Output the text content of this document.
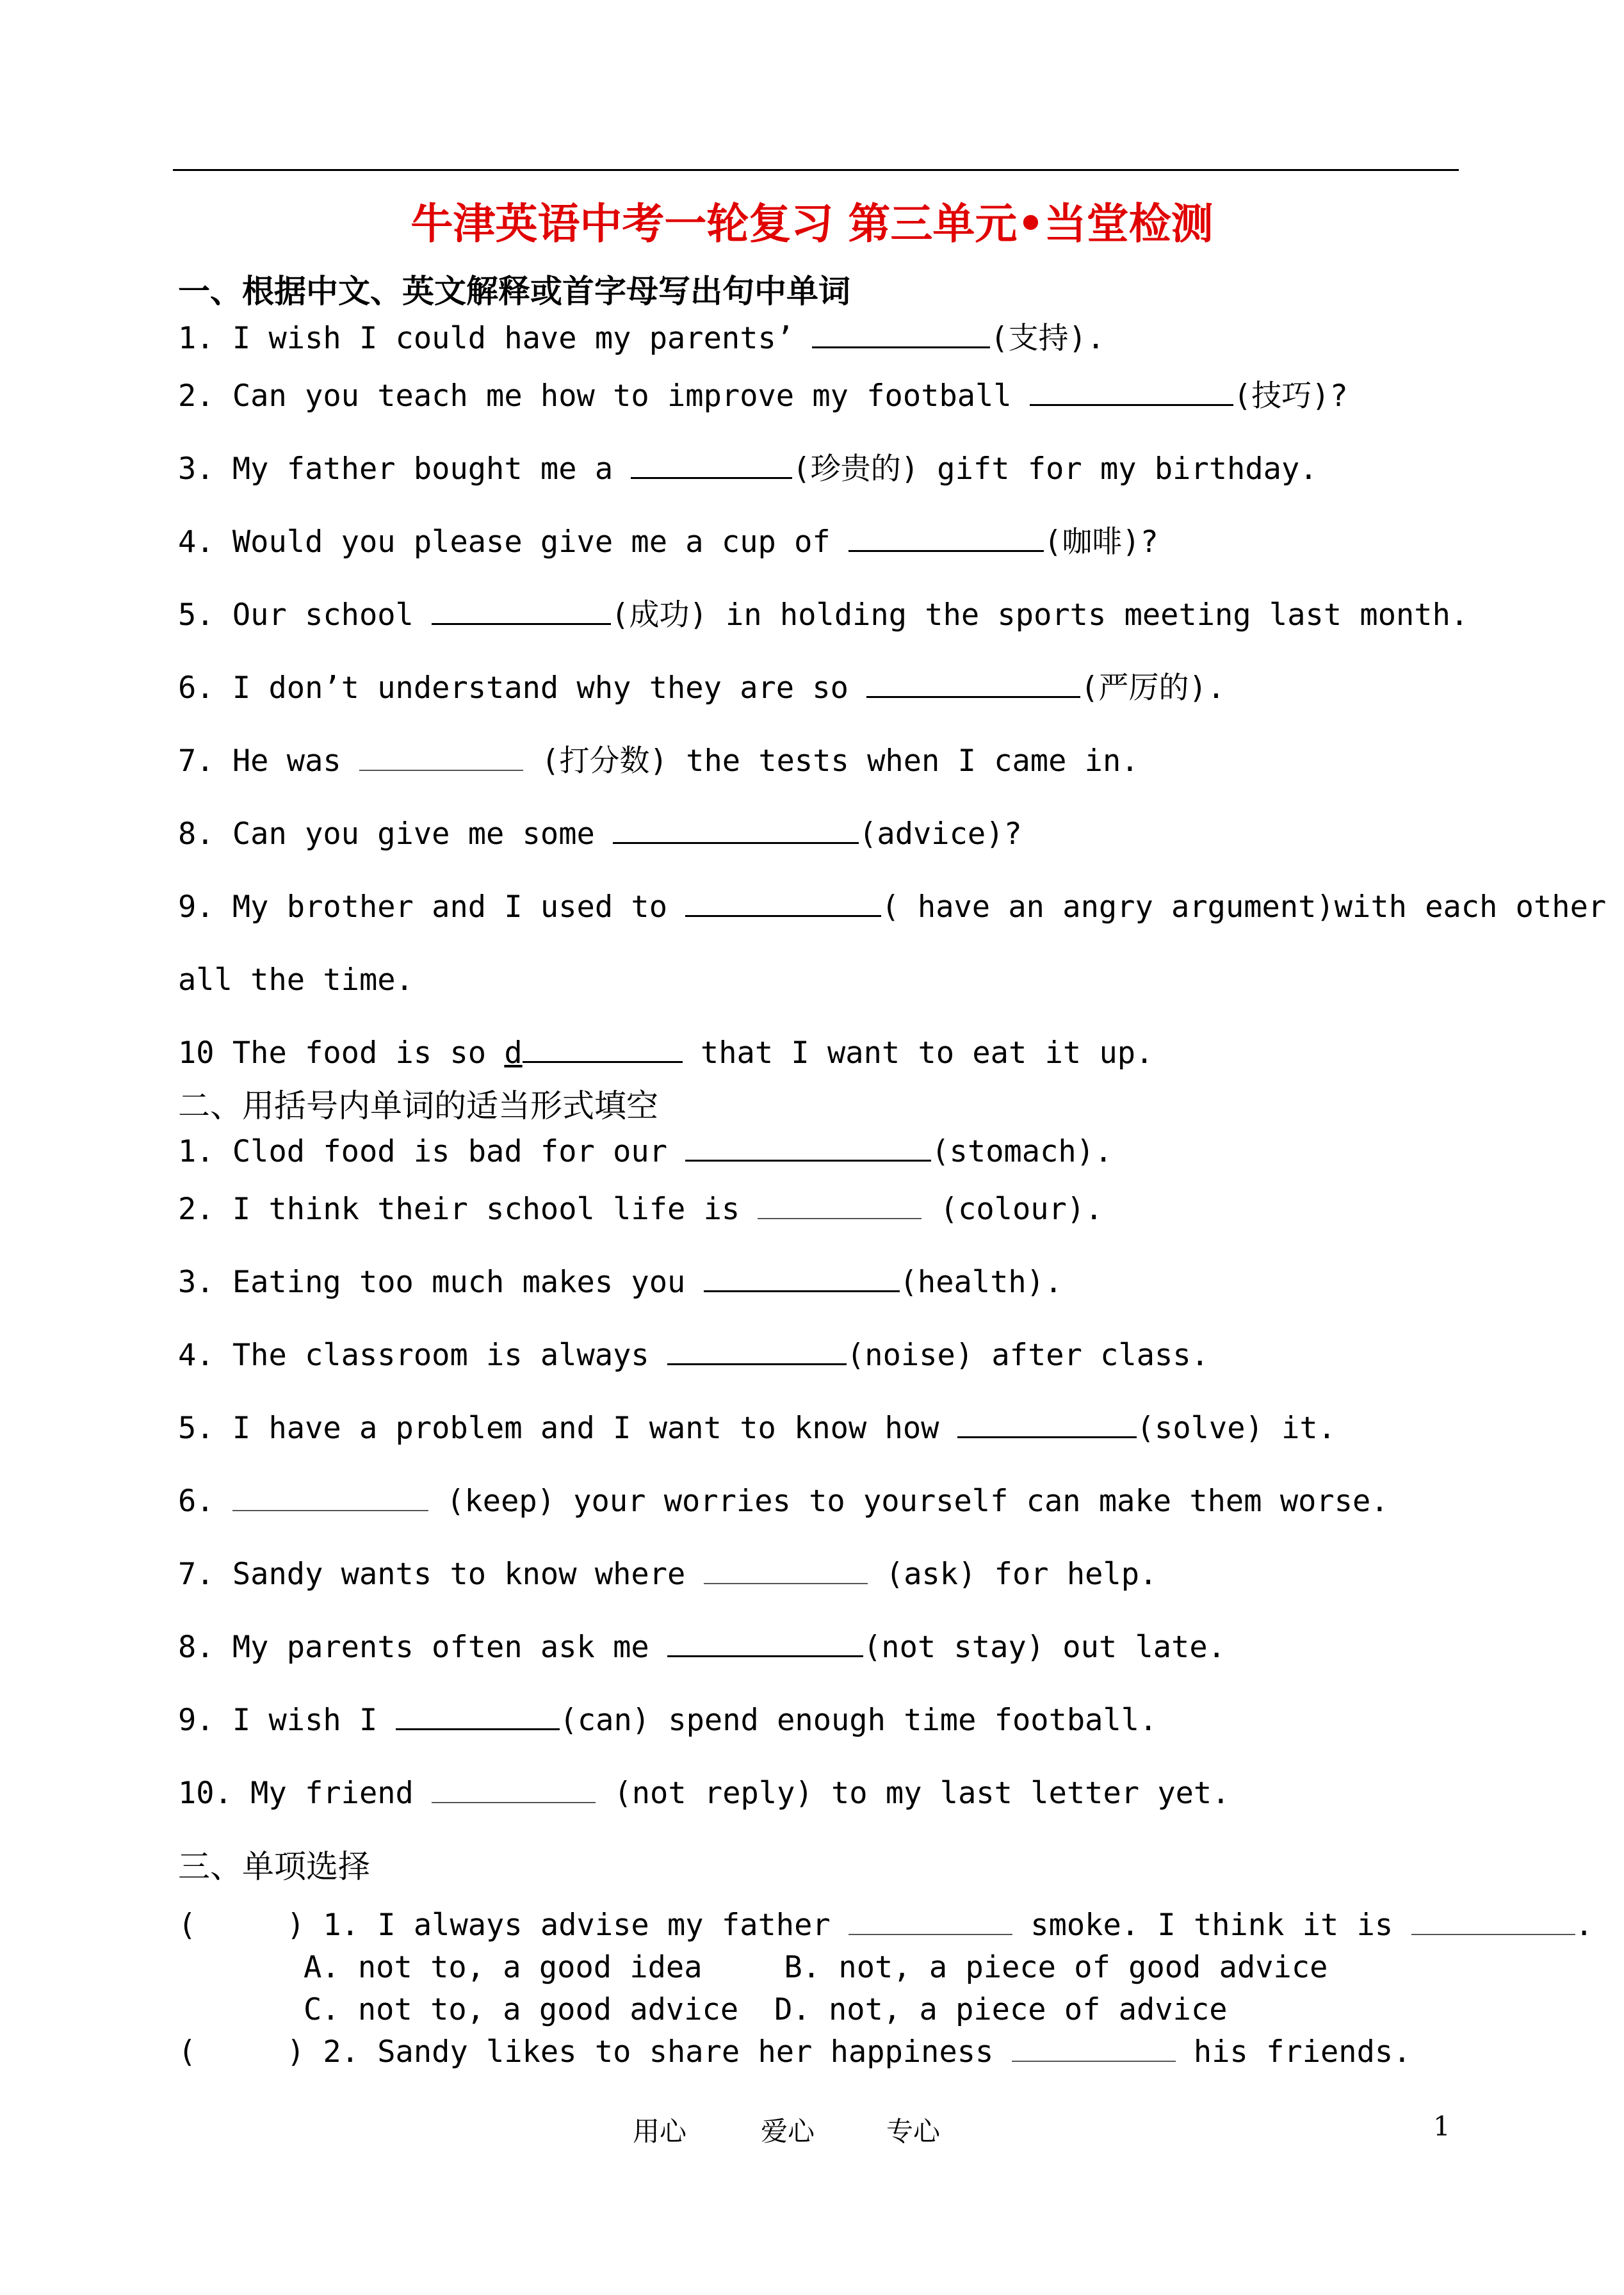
牛津英语中考一轮复习 第三单元•当堂检测
一、根据中文、英文解释或首字母写出句中单词
1. I wish I could have my parents’	(支持).
2. Can you teach me how to improve my football	(技巧)?
3. My father bought me a	(珍贵的) gift for my birthday.
4. Would you please give me a cup of	(咖啡)?
5. Our school	(成功) in holding the sports meeting last month.
6. I don’t understand why they are so	(严厉的).
7. He was	(打分数) the tests when I came in.
8. Can you give me some	(advice)?
9. My brother and I used to	( have an angry argument)with each other
all the time.
10 The food is so d	that I want to eat it up.
二、用括号内单词的适当形式填空
1. Clod food is bad for our	(stomach).
2. I think their school life is	(colour).
3. Eating too much makes you	(health).
4. The classroom is always	(noise) after class.
5. I have a problem and I want to know how	(solve) it.
6.	(keep) your worries to yourself can make them worse.
7. Sandy wants to know where	(ask) for help.
8. My parents often ask me	(not stay) out late.
9. I wish I	(can) spend enough time football.
10. My friend	(not reply) to my last letter yet.
三、单项选择
(     ) 1. I always advise my father	smoke. I think it is	.
A. not to, a good idea	B. not, a piece of good advice
C. not to, a good advice D. not, a piece of advice
(     ) 2. Sandy likes to share her happiness	his friends.
用心	爱心	专心	1
